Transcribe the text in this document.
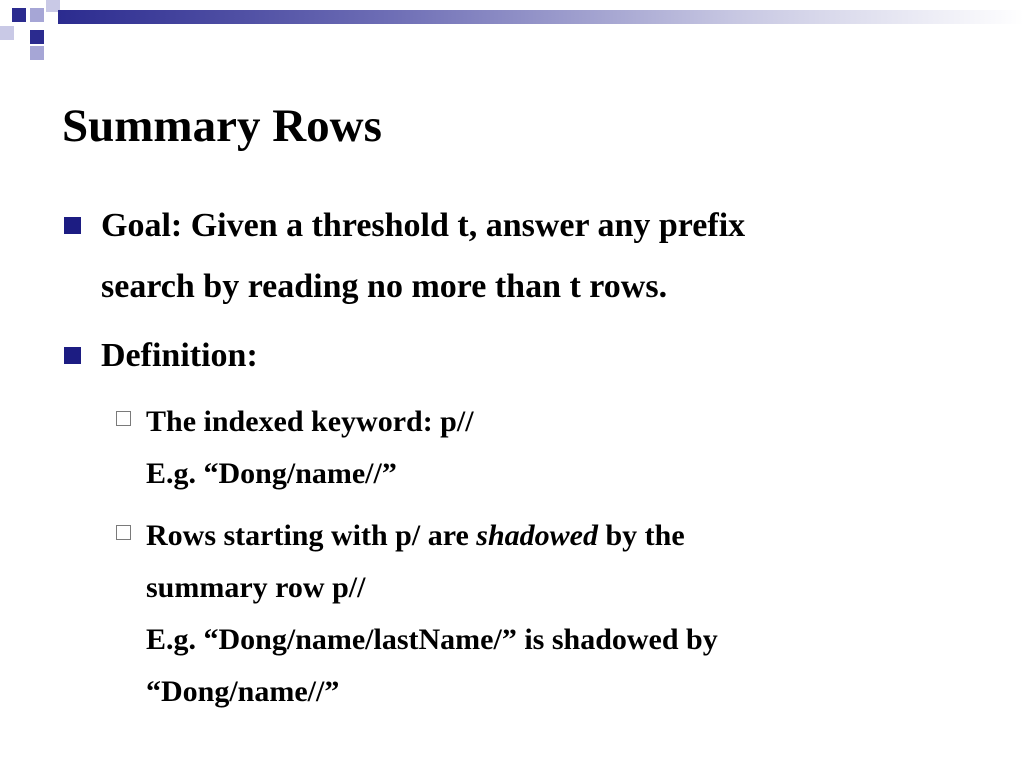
Summary Rows
Goal: Given a threshold t, answer any prefix
search by reading no more than t rows.
Definition:
The indexed keyword: p//
E.g. “Dong/name//”
Rows starting with p/ are shadowed by the
summary row p//
E.g. “Dong/name/lastName/” is shadowed by
“Dong/name//”
